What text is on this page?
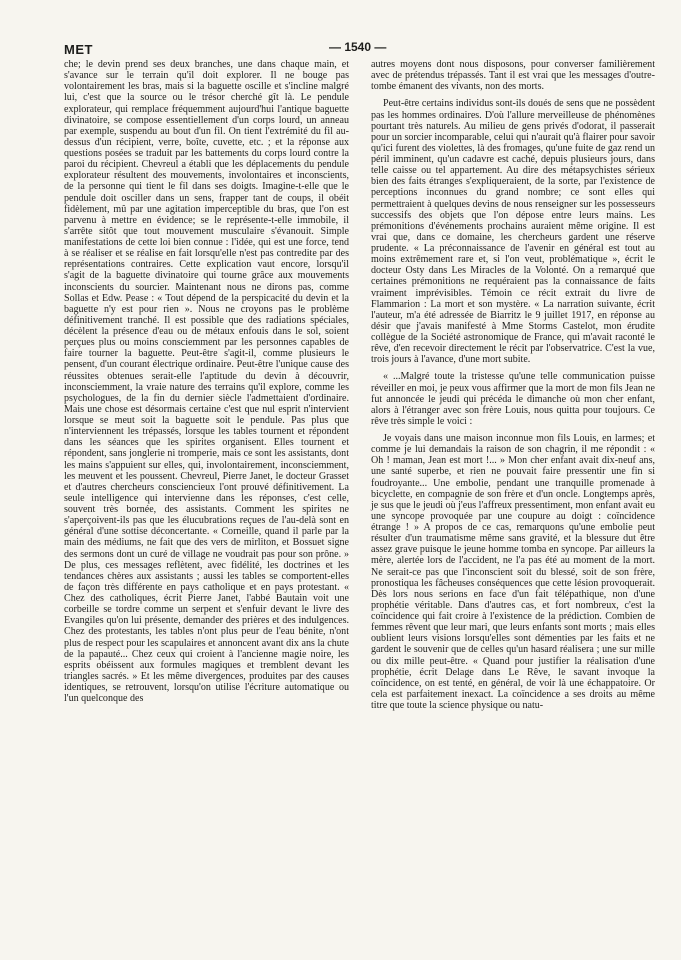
MET	— 1540 —

che; le devin prend ses deux branches, une dans chaque main, et s'avance sur le terrain qu'il doit explorer. Il ne bouge pas volontairement les bras, mais si la baguette oscille et s'incline malgré lui, c'est que la source ou le trésor cherché gît là. Le pendule explorateur, qui remplace fréquemment aujourd'hui l'antique baguette divinatoire, se compose essentiellement d'un corps lourd, un anneau par exemple, suspendu au bout d'un fil. On tient l'extrémité du fil au-dessus d'un récipient, verre, boîte, cuvette, etc. ; et la réponse aux questions posées se traduit par les battements du corps lourd contre la paroi du récipient. Chevreul a établi que les déplacements du pendule explorateur résultent des mouvements, involontaires et inconscients, de la personne qui tient le fil dans ses doigts. Imagine-t-elle que le pendule doit osciller dans un sens, frapper tant de coups, il obéit fidèlement, mû par une agitation imperceptible du bras, que l'on est parvenu à mettre en évidence; se le représente-t-elle immobile, il s'arrête sitôt que tout mouvement musculaire s'évanouit. Simple manifestations de cette loi bien connue : l'idée, qui est une force, tend à se réaliser et se réalise en fait lorsqu'elle n'est pas contredite par des représentations contraires. Cette explication vaut encore, lorsqu'il s'agit de la baguette divinatoire qui tourne grâce aux mouvements inconscients du sourcier. Maintenant nous ne dirons pas, comme Sollas et Edw. Pease : « Tout dépend de la perspicacité du devin et la baguette n'y est pour rien ». Nous ne croyons pas le problème définitivement tranché. Il est possible que des radiations spéciales, décèlent la présence d'eau ou de métaux enfouis dans le sol, soient perçues plus ou moins consciemment par les personnes capables de faire tourner la baguette. Peut-être s'agit-il, comme plusieurs le pensent, d'un courant électrique ordinaire. Peut-être l'unique cause des réussites obtenues serait-elle l'aptitude du devin à découvrir, inconsciemment, la vraie nature des terrains qu'il explore, comme les psychologues, de la fin du dernier siècle l'admettaient d'ordinaire. Mais une chose est désormais certaine c'est que nul esprit n'intervient lorsque se meut soit la baguette soit le pendule. Pas plus que n'interviennent les trépassés, lorsque les tables tournent et répondent dans les séances que les spirites organisent. Elles tournent et répondent, sans jonglerie ni tromperie, mais ce sont les assistants, dont les mains s'appuient sur elles, qui, involontairement, inconsciemment, les meuvent et les poussent. Chevreul, Pierre Janet, le docteur Grasset et d'autres chercheurs consciencieux l'ont prouvé définitivement. La seule intelligence qui intervienne dans les réponses, c'est celle, souvent très bornée, des assistants. Comment les spirites ne s'aperçoivent-ils pas que les élucubrations reçues de l'au-delà sont en général d'une sottise déconcertante. « Corneille, quand il parle par la main des médiums, ne fait que des vers de mirliton, et Bossuet signe des sermons dont un curé de village ne voudrait pas pour son prône. » De plus, ces messages reflètent, avec fidélité, les doctrines et les tendances chères aux assistants ; aussi les tables se comportent-elles de façon très différente en pays catholique et en pays protestant. « Chez des catholiques, écrit Pierre Janet, l'abbé Bautain voit une corbeille se tordre comme un serpent et s'enfuir devant le livre des Evangiles qu'on lui présente, demander des prières et des indulgences. Chez des protestants, les tables n'ont plus peur de l'eau bénite, n'ont plus de respect pour les scapulaires et annoncent avant dix ans la chute de la papauté... Chez ceux qui croient à l'ancienne magie noire, les esprits obéissent aux formules magiques et tremblent devant les triangles sacrés. » Et les même divergences, produites par des causes identiques, se retrouvent, lorsqu'on utilise l'écriture automatique ou l'un quelconque des

autres moyens dont nous disposons, pour converser familièrement avec de prétendus trépassés. Tant il est vrai que les messages d'outre-tombe émanent des vivants, non des morts.

Peut-être certains individus sont-ils doués de sens que ne possèdent pas les hommes ordinaires. D'où l'allure merveilleuse de phénomènes pourtant très naturels. Au milieu de gens privés d'odorat, il passerait pour un sorcier incomparable, celui qui n'aurait qu'à flairer pour savoir qu'ici furent des violettes, là des fromages, qu'une fuite de gaz rend un péril imminent, qu'un cadavre est caché, depuis plusieurs jours, dans telle caisse ou tel appartement. Au dire des métapsychistes sérieux bien des faits étranges s'expliqueraient, de la sorte, par l'existence de perceptions inconnues du grand nombre; ce sont elles qui permettraient à quelques devins de nous renseigner sur les possesseurs successifs des objets que l'on dépose entre leurs mains. Les prémonitions d'événements prochains auraient même origine. Il est vrai que, dans ce domaine, les chercheurs gardent une réserve prudente. « La préconnaissance de l'avenir en général est tout au moins extrêmement rare et, si l'on veut, problématique », écrit le docteur Osty dans Les Miracles de la Volonté. On a remarqué que certaines prémonitions ne requéraient pas la connaissance de faits vraiment imprévisibles. Témoin ce récit extrait du livre de Flammarion : La mort et son mystère. « La narration suivante, écrit l'auteur, m'a été adressée de Biarritz le 9 juillet 1917, en réponse au désir que j'avais manifesté à Mme Storms Castelot, mon érudite collègue de la Société astronomique de France, qui m'avait raconté le rêve, d'en recevoir directement le récit par l'observatrice. C'est la vue, trois jours à l'avance, d'une mort subite.

« ...Malgré toute la tristesse qu'une telle communication puisse réveiller en moi, je peux vous affirmer que la mort de mon fils Jean ne fut annoncée le jeudi qui précéda le dimanche où mon cher enfant, alors à l'étranger avec son frère Louis, nous quitta pour toujours. Ce rêve très simple le voici :

Je voyais dans une maison inconnue mon fils Louis, en larmes; et comme je lui demandais la raison de son chagrin, il me répondit : « Oh ! maman, Jean est mort !... » Mon cher enfant avait dix-neuf ans, une santé superbe, et rien ne pouvait faire pressentir une fin si foudroyante... Une embolie, pendant une tranquille promenade à bicyclette, en compagnie de son frère et d'un oncle. Longtemps après, je sus que le jeudi où j'eus l'affreux pressentiment, mon enfant avait eu une syncope provoquée par une coupure au doigt : coïncidence étrange ! » A propos de ce cas, remarquons qu'une embolie peut résulter d'un traumatisme même sans gravité, et la blessure dut être assez grave puisque le jeune homme tomba en syncope. Par ailleurs la mère, alertée lors de l'accident, ne l'a pas été au moment de la mort. Ne serait-ce pas que l'inconscient soit du blessé, soit de son frère, pronostiqua les fâcheuses conséquences que cette lésion provoquerait. Dès lors nous serions en face d'un fait télépathique, non d'une prophétie véritable. Dans d'autres cas, et fort nombreux, c'est la coïncidence qui fait croire à l'existence de la prédiction. Combien de femmes rêvent que leur mari, que leurs enfants sont morts ; mais elles oublient leurs visions lorsqu'elles sont démenties par les faits et ne gardent le souvenir que de celles qu'un hasard réalisera ; une sur mille ou dix mille peut-être. « Quand pour justifier la réalisation d'une prophétie, écrit Delage dans Le Rêve, le savant invoque la coïncidence, on est tenté, en général, de voir là une échappatoire. Or cela est parfaitement inexact. La coïncidence a ses droits au même titre que toute la science physique ou natu-
